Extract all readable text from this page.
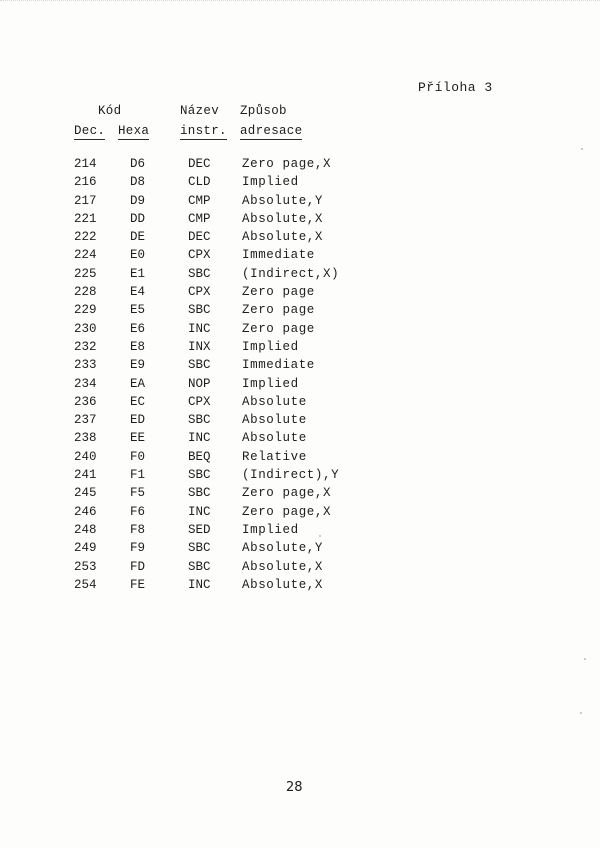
Příloha 3
Kód
Dec. Hexa
Název
instr.
Způsob
adresace
214	D6	DEC	Zero page,X
216	D8	CLD	Implied
217	D9	CMP	Absolute,Y
221	DD	CMP	Absolute,X
222	DE	DEC	Absolute,X
224	E0	CPX	Immediate
225	E1	SBC	(Indirect,X)
228	E4	CPX	Zero page
229	E5	SBC	Zero page
230	E6	INC	Zero page
232	E8	INX	Implied
233	E9	SBC	Immediate
234	EA	NOP	Implied
236	EC	CPX	Absolute
237	ED	SBC	Absolute
238	EE	INC	Absolute
240	F0	BEQ	Relative
241	F1	SBC	(Indirect),Y
245	F5	SBC	Zero page,X
246	F6	INC	Zero page,X
248	F8	SED	Implied
249	F9	SBC	Absolute,Y
253	FD	SBC	Absolute,X
254	FE	INC	Absolute,X
28
